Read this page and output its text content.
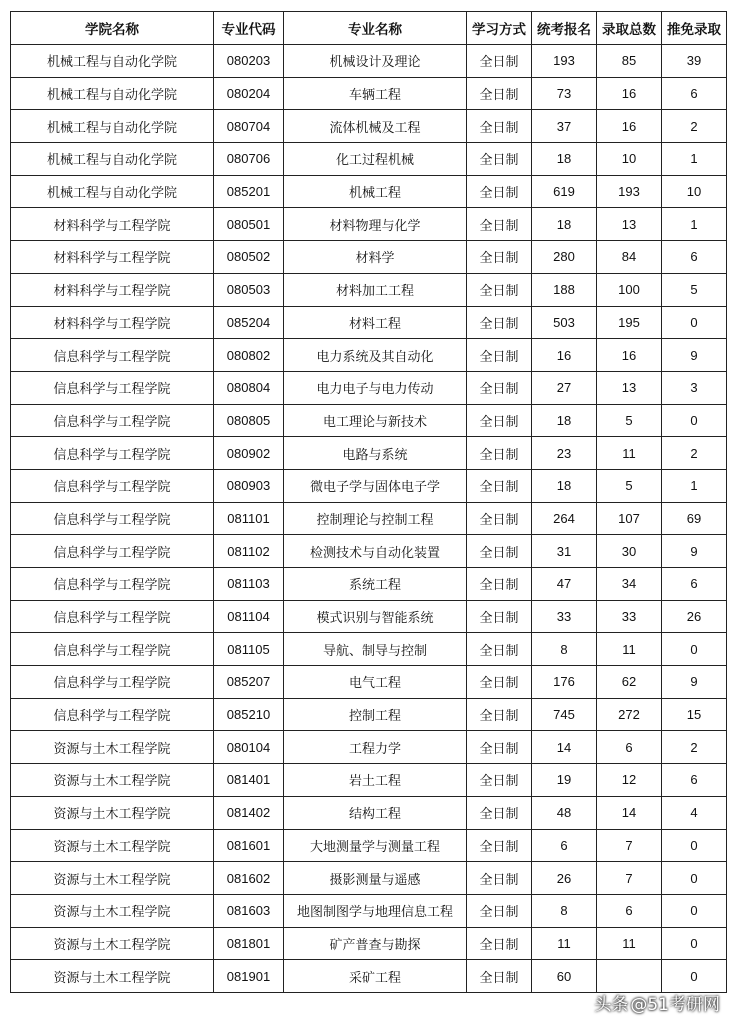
学院名称	专业代码	专业名称	学习方式	统考报名	录取总数	推免录取
机械工程与自动化学院	080203	机械设计及理论	全日制	193	85	39
机械工程与自动化学院	080204	车辆工程	全日制	73	16	6
机械工程与自动化学院	080704	流体机械及工程	全日制	37	16	2
机械工程与自动化学院	080706	化工过程机械	全日制	18	10	1
机械工程与自动化学院	085201	机械工程	全日制	619	193	10
材料科学与工程学院	080501	材料物理与化学	全日制	18	13	1
材料科学与工程学院	080502	材料学	全日制	280	84	6
材料科学与工程学院	080503	材料加工工程	全日制	188	100	5
材料科学与工程学院	085204	材料工程	全日制	503	195	0
信息科学与工程学院	080802	电力系统及其自动化	全日制	16	16	9
信息科学与工程学院	080804	电力电子与电力传动	全日制	27	13	3
信息科学与工程学院	080805	电工理论与新技术	全日制	18	5	0
信息科学与工程学院	080902	电路与系统	全日制	23	11	2
信息科学与工程学院	080903	微电子学与固体电子学	全日制	18	5	1
信息科学与工程学院	081101	控制理论与控制工程	全日制	264	107	69
信息科学与工程学院	081102	检测技术与自动化装置	全日制	31	30	9
信息科学与工程学院	081103	系统工程	全日制	47	34	6
信息科学与工程学院	081104	模式识别与智能系统	全日制	33	33	26
信息科学与工程学院	081105	导航、制导与控制	全日制	8	11	0
信息科学与工程学院	085207	电气工程	全日制	176	62	9
信息科学与工程学院	085210	控制工程	全日制	745	272	15
资源与土木工程学院	080104	工程力学	全日制	14	6	2
资源与土木工程学院	081401	岩土工程	全日制	19	12	6
资源与土木工程学院	081402	结构工程	全日制	48	14	4
资源与土木工程学院	081601	大地测量学与测量工程	全日制	6	7	0
资源与土木工程学院	081602	摄影测量与遥感	全日制	26	7	0
资源与土木工程学院	081603	地图制图学与地理信息工程	全日制	8	6	0
资源与土木工程学院	081801	矿产普查与勘探	全日制	11	11	0
资源与土木工程学院	081901	采矿工程	全日制	60		0
头条 @51考研网
